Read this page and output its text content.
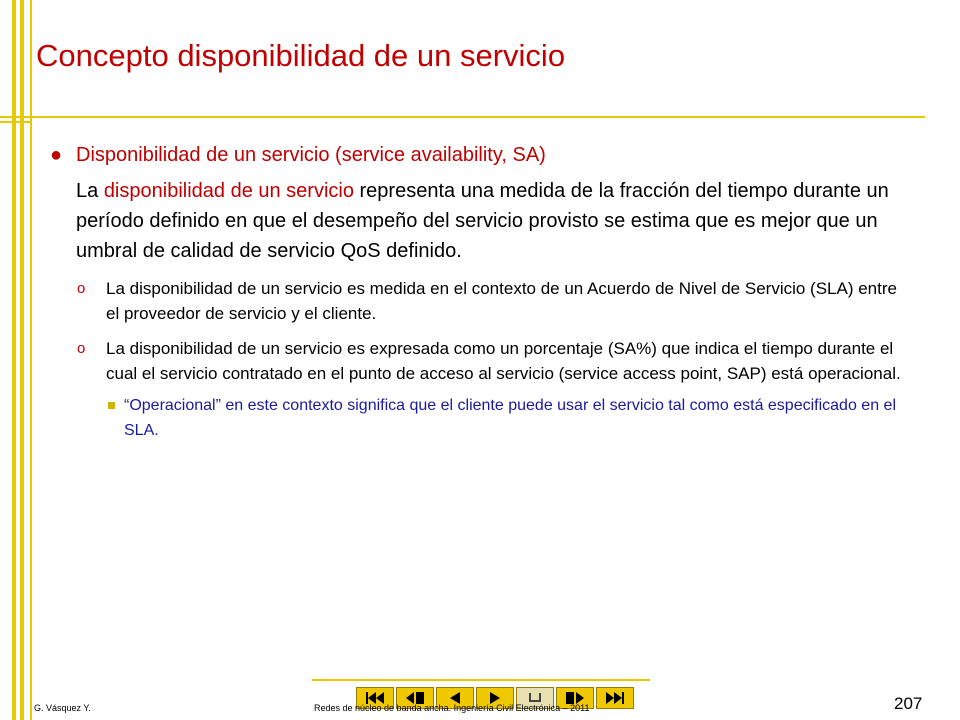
Concepto disponibilidad de un servicio
● Disponibilidad de un servicio (service availability, SA)
La disponibilidad de un servicio representa una medida de la fracción del tiempo durante un período definido en que el desempeño del servicio provisto se estima que es mejor que un umbral de calidad de servicio QoS definido.
o La disponibilidad de un servicio es medida en el contexto de un Acuerdo de Nivel de Servicio (SLA) entre el proveedor de servicio y el cliente.
o La disponibilidad de un servicio es expresada como un porcentaje (SA%) que indica el tiempo durante el cual el servicio contratado en el punto de acceso al servicio (service access point, SAP) está operacional.
“Operacional” en este contexto significa que el cliente puede usar el servicio tal como está especificado en el SLA.
G. Vásquez Y.	Redes de núcleo de banda ancha. Ingeniería Civil Electrónica – 2011	207
